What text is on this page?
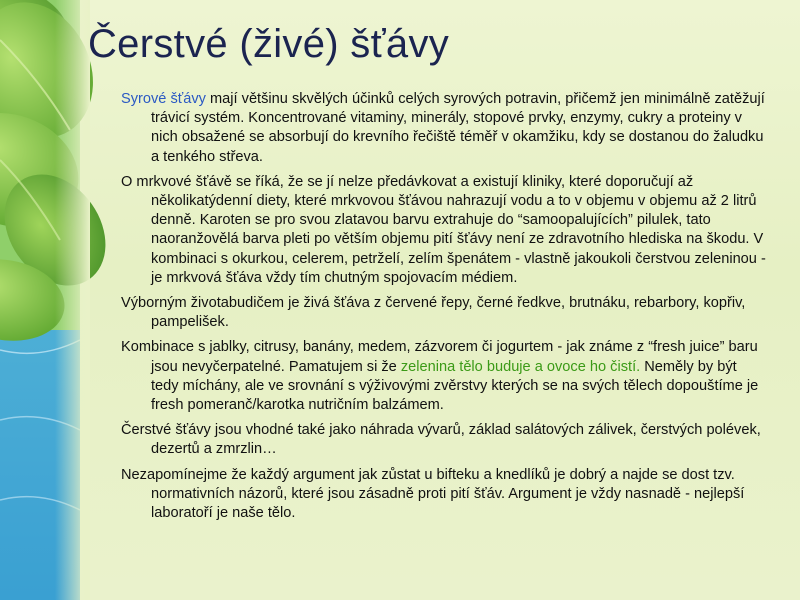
Čerstvé (živé) šťávy

Syrové šťávy mají většinu skvělých účinků celých syrových potravin, přičemž jen minimálně zatěžují trávicí systém. Koncentrované vitaminy, minerály, stopové prvky, enzymy, cukry a proteiny v nich obsažené se absorbují do krevního řečiště téměř v okamžiku, kdy se dostanou do žaludku a tenkého střeva.

O mrkvové šťávě se říká, že se jí nelze předávkovat a existují kliniky, které doporučují až několikatýdenní diety, které mrkvovou šťávou nahrazují vodu a to v objemu v objemu až 2 litrů denně. Karoten se pro svou zlatavou barvu extrahuje do “samoopalujících” pilulek, tato naoranžovělá barva pleti po větším objemu pití šťávy není ze zdravotního hlediska na škodu. V kombinaci s okurkou, celerem, petrželí, zelím špenátem - vlastně jakoukoli čerstvou zeleninou - je mrkvová šťáva vždy tím chutným spojovacím médiem.

Výborným životabudičem je živá šťáva z červené řepy, černé ředkve, brutnáku, rebarbory, kopřiv, pampelišek.

Kombinace s jablky, citrusy, banány, medem, zázvorem či jogurtem - jak známe z “fresh juice” baru jsou nevyčerpatelné. Pamatujem si že zelenina tělo buduje a ovoce ho čistí. Neměly by být tedy míchány, ale ve srovnání s výživovými zvěrstvy kterých se na svých tělech dopouštíme je fresh pomeranč/karotka nutričním balzámem.

Čerstvé šťávy jsou vhodné také jako náhrada vývarů, základ salátových zálivek, čerstvých polévek, dezertů a zmrzlin…

Nezapomínejme že každý argument jak zůstat u bifteku a knedlíků je dobrý a najde se dost tzv. normativních názorů, které jsou zásadně proti pití šťáv. Argument je vždy nasnadě - nejlepší laboratoří je naše tělo.
